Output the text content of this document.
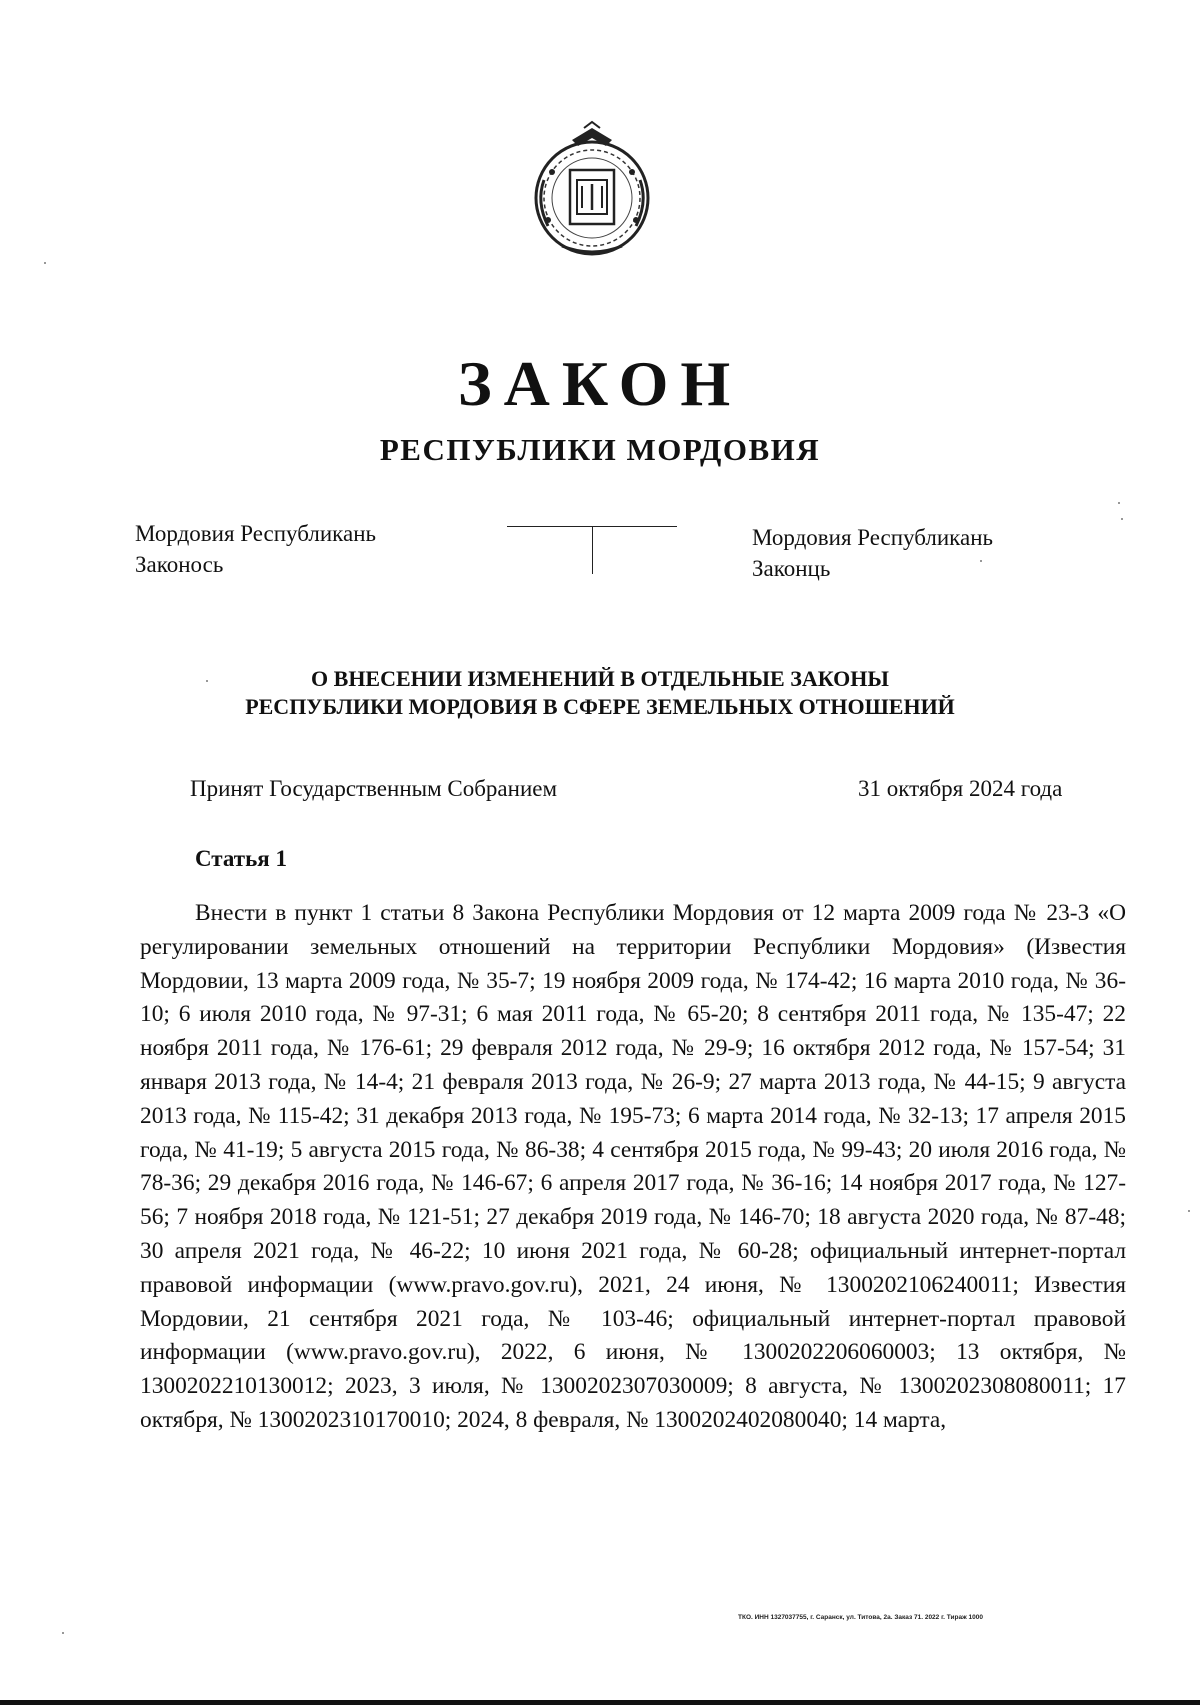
ЗАКОН
РЕСПУБЛИКИ МОРДОВИЯ
Мордовия Республикань
Законось
Мордовия Республикань
Законць
О ВНЕСЕНИИ ИЗМЕНЕНИЙ В ОТДЕЛЬНЫЕ ЗАКОНЫ
РЕСПУБЛИКИ МОРДОВИЯ В СФЕРЕ ЗЕМЕЛЬНЫХ ОТНОШЕНИЙ
Принят Государственным Собранием	31 октября 2024 года
Статья 1
Внести в пункт 1 статьи 8 Закона Республики Мордовия от 12 марта 2009 года № 23-З «О регулировании земельных отношений на территории Республики Мордовия» (Известия Мордовии, 13 марта 2009 года, № 35-7; 19 ноября 2009 года, № 174-42; 16 марта 2010 года, № 36-10; 6 июля 2010 года, № 97-31; 6 мая 2011 года, № 65-20; 8 сентября 2011 года, № 135-47; 22 ноября 2011 года, № 176-61; 29 февраля 2012 года, № 29-9; 16 октября 2012 года, № 157-54; 31 января 2013 года, № 14-4; 21 февраля 2013 года, № 26-9; 27 марта 2013 года, № 44-15; 9 августа 2013 года, № 115-42; 31 декабря 2013 года, № 195-73; 6 марта 2014 года, № 32-13; 17 апреля 2015 года, № 41-19; 5 августа 2015 года, № 86-38; 4 сентября 2015 года, № 99-43; 20 июля 2016 года, № 78-36; 29 декабря 2016 года, № 146-67; 6 апреля 2017 года, № 36-16; 14 ноября 2017 года, № 127-56; 7 ноября 2018 года, № 121-51; 27 декабря 2019 года, № 146-70; 18 августа 2020 года, № 87-48; 30 апреля 2021 года, № 46-22; 10 июня 2021 года, № 60-28; официальный интернет-портал правовой информации (www.pravo.gov.ru), 2021, 24 июня, № 1300202106240011; Известия Мордовии, 21 сентября 2021 года, № 103-46; официальный интернет-портал правовой информации (www.pravo.gov.ru), 2022, 6 июня, № 1300202206060003; 13 октября, № 1300202210130012; 2023, 3 июля, № 1300202307030009; 8 августа, № 1300202308080011; 17 октября, № 1300202310170010; 2024, 8 февраля, № 1300202402080040; 14 марта,
ТКО. ИНН 1327037755, г. Саранск, ул. Титова, 2а. Заказ 71. 2022 г. Тираж 1000
